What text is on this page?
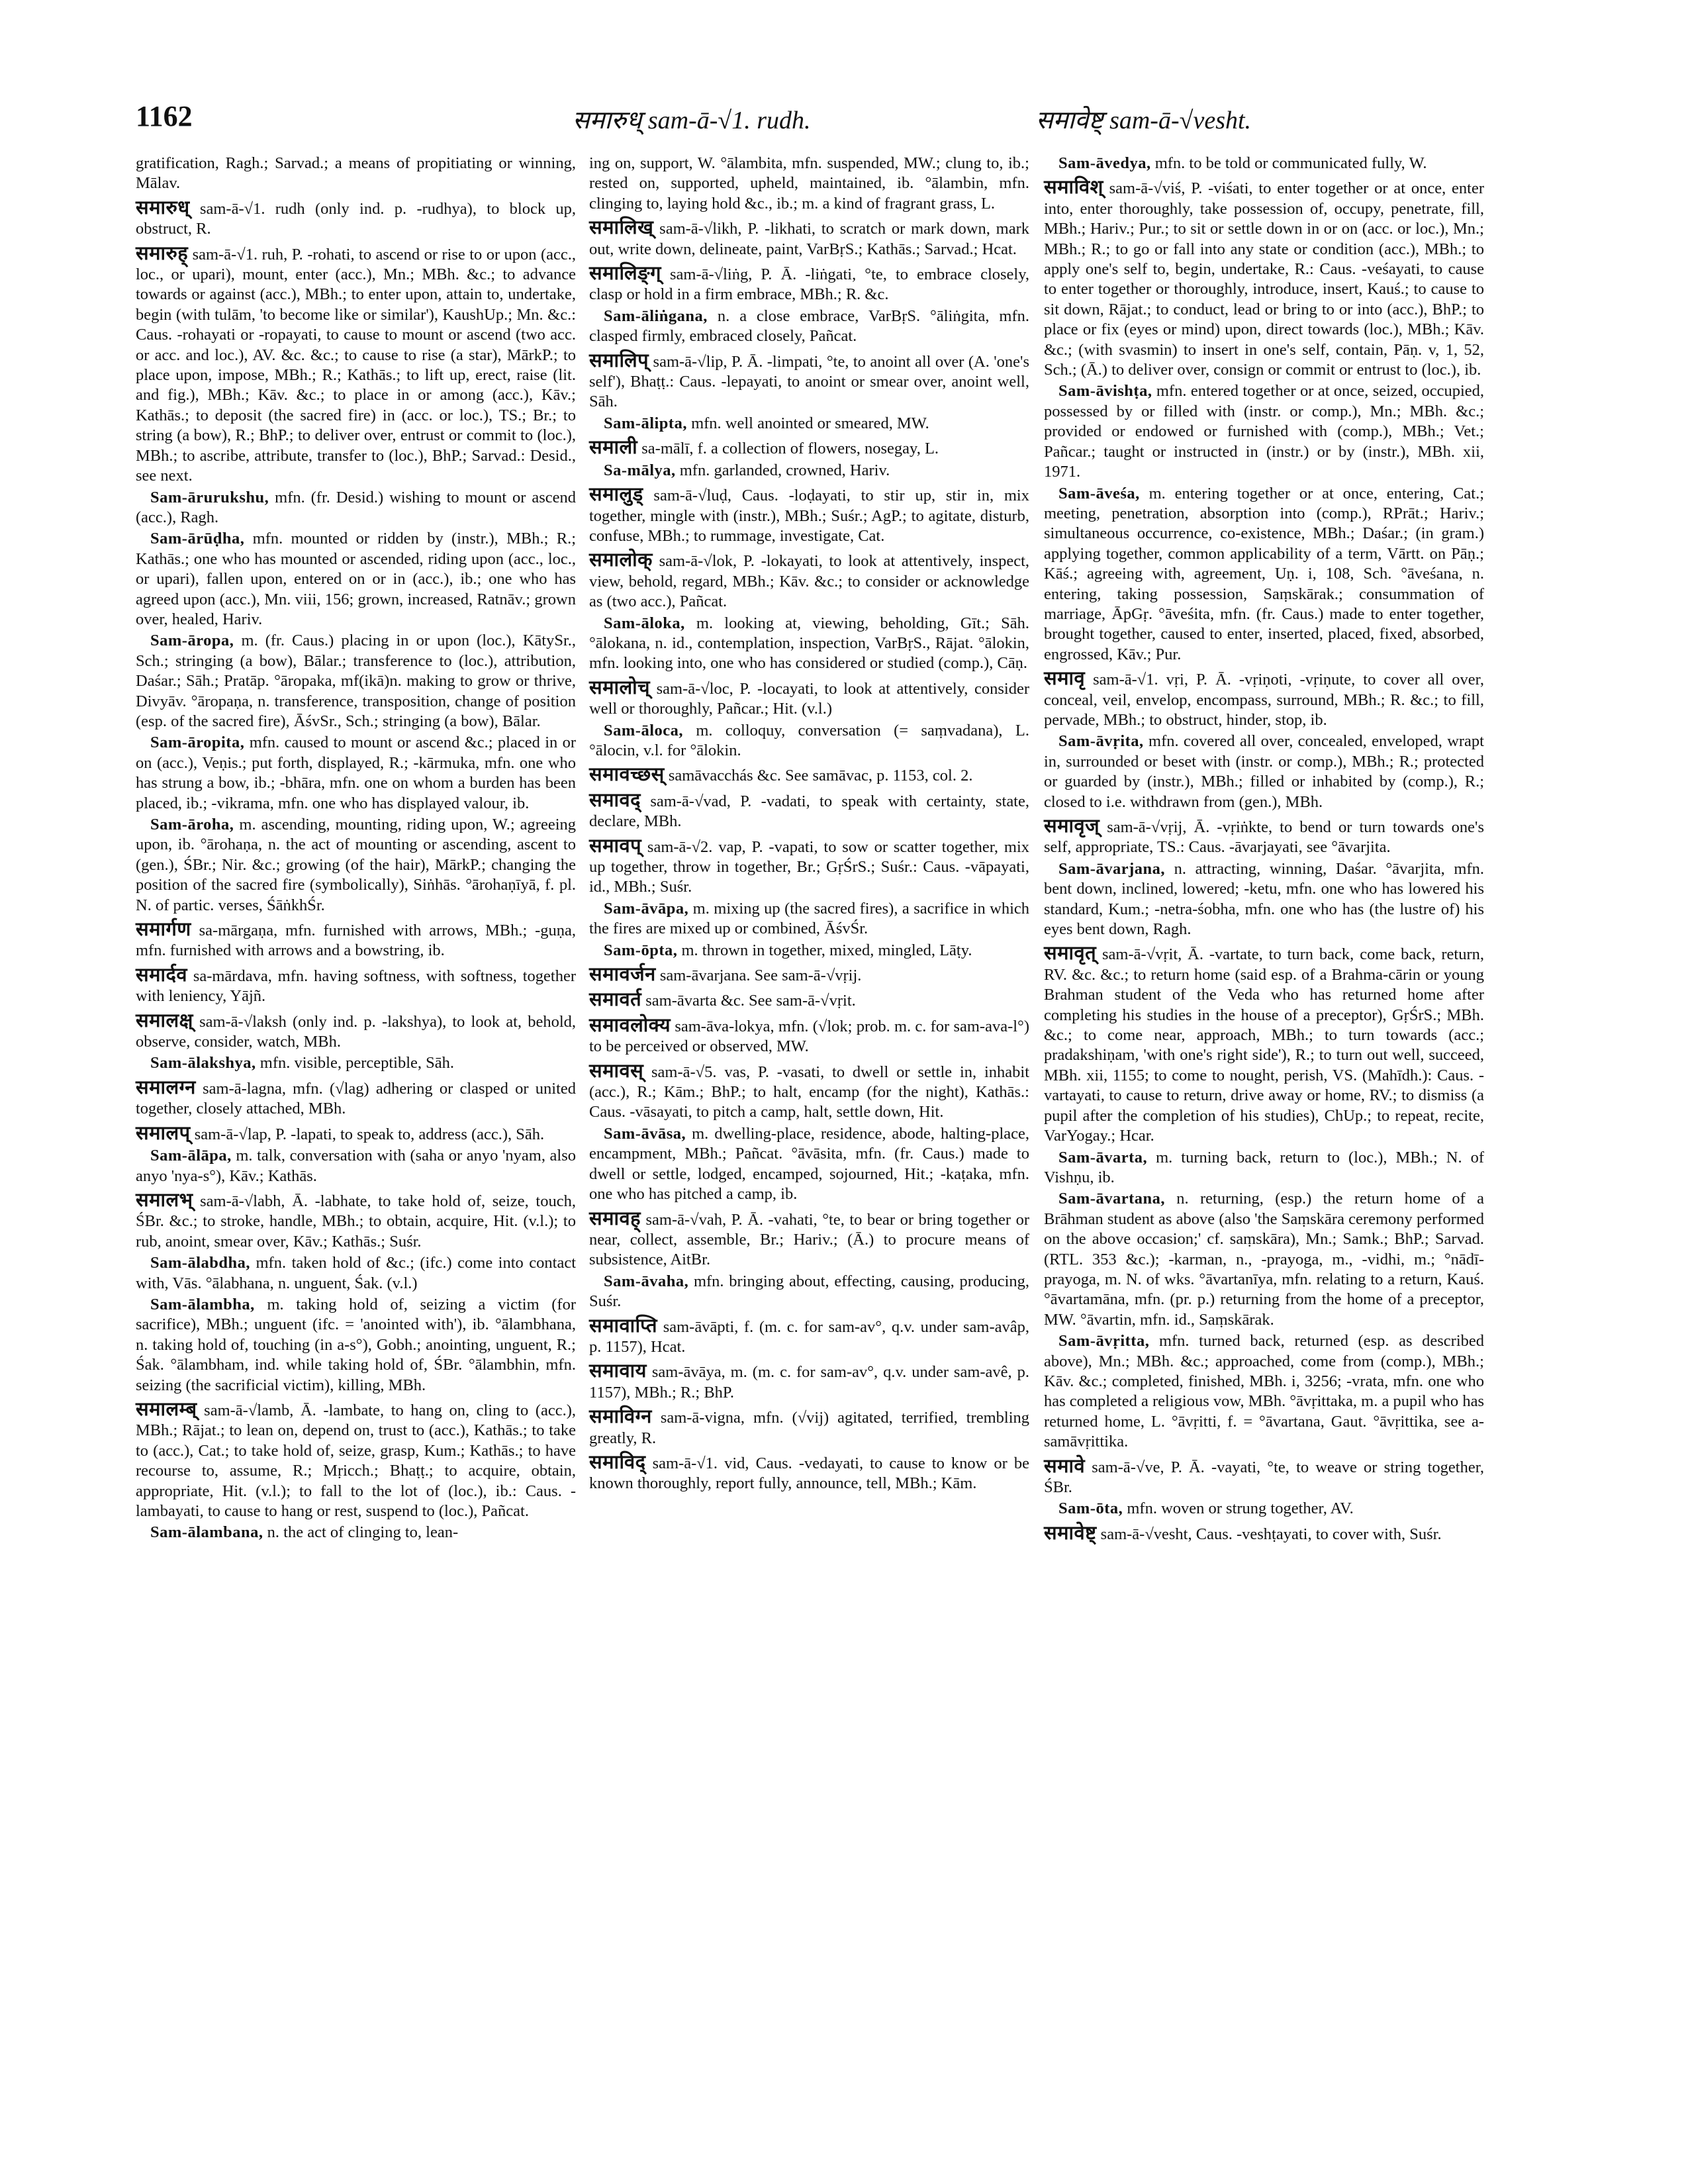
1162	समारुध् sam-ā-√1. rudh.	समावेष्ट् sam-ā-√vesht.
gratification, Ragh.; Sarvad.; a means of propitiating or winning, Mālav.
समारुध् sam-ā-√1. rudh (only ind. p. -rudhya), to block up, obstruct, R.
समारुह् sam-ā-√1. ruh, P. -rohati, to ascend or rise to or upon (acc., loc., or upari), mount, enter (acc.), Mn.; MBh. &c.; to advance towards or against (acc.), MBh.; to enter upon, attain to, undertake, begin (with tulām, 'to become like or similar'), KaushUp.; Mn. &c.: Caus. -rohayati or -ropayati, to cause to mount or ascend (two acc. or acc. and loc.), AV. &c. &c.; to cause to rise (a star), MārkP.; to place upon, impose, MBh.; R.; Kathās.; to lift up, erect, raise (lit. and fig.), MBh.; Kāv. &c.; to place in or among (acc.), Kāv.; Kathās.; to deposit (the sacred fire) in (acc. or loc.), TS.; Br.; to string (a bow), R.; BhP.; to deliver over, entrust or commit to (loc.), MBh.; to ascribe, attribute, transfer to (loc.), BhP.; Sarvad.: Desid., see next.
Sam-ārurukshu, mfn. (fr. Desid.) wishing to mount or ascend (acc.), Ragh.
Sam-ārūḍha, mfn. mounted or ridden by (instr.), MBh.; R.; Kathās.; one who has mounted or ascended, riding upon (acc., loc., or upari), fallen upon, entered on or in (acc.), ib.; one who has agreed upon (acc.), Mn. viii, 156; grown, increased, Ratnāv.; grown over, healed, Hariv.
Sam-āropa, m. (fr. Caus.) placing in or upon (loc.), KātySr., Sch.; stringing (a bow), Bālar.; transference to (loc.), attribution, Daśar.; Sāh.; Pratāp. °āropaka, mf(ikā)n. making to grow or thrive, Divyāv. °āropaṇa, n. transference, transposition, change of position (esp. of the sacred fire), ĀśvSr., Sch.; stringing (a bow), Bālar.
Sam-āropita, mfn. caused to mount or ascend &c.; placed in or on (acc.), Veṇis.; put forth, displayed, R.; -kārmuka, mfn. one who has strung a bow, ib.; -bhāra, mfn. one on whom a burden has been placed, ib.; -vikrama, mfn. one who has displayed valour, ib.
Sam-āroha, m. ascending, mounting, riding upon, W.; agreeing upon, ib. °ārohaṇa, n. the act of mounting or ascending, ascent to (gen.), ŚBr.; Nir. &c.; growing (of the hair), MārkP.; changing the position of the sacred fire (symbolically), Siṅhās. °ārohaṇīyā, f. pl. N. of partic. verses, ŚāṅkhŚr.
समार्गण sa-mārgaṇa, mfn. furnished with arrows, MBh.; -guṇa, mfn. furnished with arrows and a bowstring, ib.
समार्दव sa-mārdava, mfn. having softness, with softness, together with leniency, Yājñ.
समालक्ष् sam-ā-√laksh (only ind. p. -lakshya), to look at, behold, observe, consider, watch, MBh.
Sam-ālakshya, mfn. visible, perceptible, Sāh.
समालग्न sam-ā-lagna, mfn. (√lag) adhering or clasped or united together, closely attached, MBh.
समालप् sam-ā-√lap, P. -lapati, to speak to, address (acc.), Sāh.
Sam-ālāpa, m. talk, conversation with (saha or anyo 'nyam, also anyo 'nya-s°), Kāv.; Kathās.
समालभ् sam-ā-√labh, Ā. -labhate, to take hold of, seize, touch, ŚBr. &c.; to stroke, handle, MBh.; to obtain, acquire, Hit. (v.l.); to rub, anoint, smear over, Kāv.; Kathās.; Suśr.
Sam-ālabdha, mfn. taken hold of &c.; (ifc.) come into contact with, Vās. °ālabhana, n. unguent, Śak. (v.l.)
Sam-ālambha, m. taking hold of, seizing a victim (for sacrifice), MBh.; unguent (ifc. = 'anointed with'), ib. °ālambhana, n. taking hold of, touching (in a-s°), Gobh.; anointing, unguent, R.; Śak. °ālambham, ind. while taking hold of, ŚBr. °ālambhin, mfn. seizing (the sacrificial victim), killing, MBh.
समालम्ब् sam-ā-√lamb, Ā. -lambate, to hang on, cling to (acc.), MBh.; Rājat.; to lean on, depend on, trust to (acc.), Kathās.; to take to (acc.), Cat.; to take hold of, seize, grasp, Kum.; Kathās.; to have recourse to, assume, R.; Mṛicch.; Bhaṭṭ.; to acquire, obtain, appropriate, Hit. (v.l.); to fall to the lot of (loc.), ib.: Caus. -lambayati, to cause to hang or rest, suspend to (loc.), Pañcat.
Sam-ālambana, n. the act of clinging to, lean-
ing on, support, W. °ālambita, mfn. suspended, MW.; clung to, ib.; rested on, supported, upheld, maintained, ib. °ālambin, mfn. clinging to, laying hold &c., ib.; m. a kind of fragrant grass, L.
समालिख् sam-ā-√likh, P. -likhati, to scratch or mark down, mark out, write down, delineate, paint, VarBṛS.; Kathās.; Sarvad.; Hcat.
समालिङ्ग् sam-ā-√liṅg, P. Ā. -liṅgati, °te, to embrace closely, clasp or hold in a firm embrace, MBh.; R. &c.
Sam-āliṅgana, n. a close embrace, VarBṛS. °āliṅgita, mfn. clasped firmly, embraced closely, Pañcat.
समालिप् sam-ā-√lip, P. Ā. -limpati, °te, to anoint all over (A. 'one's self'), Bhaṭṭ.: Caus. -lepayati, to anoint or smear over, anoint well, Sāh.
Sam-ālipta, mfn. well anointed or smeared, MW.
समाली sa-mālī, f. a collection of flowers, nosegay, L.
Sa-mālya, mfn. garlanded, crowned, Hariv.
समालुड् sam-ā-√luḍ, Caus. -loḍayati, to stir up, stir in, mix together, mingle with (instr.), MBh.; Suśr.; AgP.; to agitate, disturb, confuse, MBh.; to rummage, investigate, Cat.
समालोक् sam-ā-√lok, P. -lokayati, to look at attentively, inspect, view, behold, regard, MBh.; Kāv. &c.; to consider or acknowledge as (two acc.), Pañcat.
Sam-āloka, m. looking at, viewing, beholding, Gīt.; Sāh. °ālokana, n. id., contemplation, inspection, VarBṛS., Rājat. °ālokin, mfn. looking into, one who has considered or studied (comp.), Cāṇ.
समालोच् sam-ā-√loc, P. -locayati, to look at attentively, consider well or thoroughly, Pañcar.; Hit. (v.l.)
Sam-āloca, m. colloquy, conversation (= saṃvadana), L. °ālocin, v.l. for °ālokin.
समावच्छस् samāvacchás &c. See samāvac, p. 1153, col. 2.
समावद् sam-ā-√vad, P. -vadati, to speak with certainty, state, declare, MBh.
समावप् sam-ā-√2. vap, P. -vapati, to sow or scatter together, mix up together, throw in together, Br.; GṛŚrS.; Suśr.: Caus. -vāpayati, id., MBh.; Suśr.
Sam-āvāpa, m. mixing up (the sacred fires), a sacrifice in which the fires are mixed up or combined, ĀśvŚr.
Sam-ōpta, m. thrown in together, mixed, mingled, Lāṭy.
समावर्जन sam-āvarjana. See sam-ā-√vṛij.
समावर्त sam-āvarta &c. See sam-ā-√vṛit.
समावलोक्य sam-āva-lokya, mfn. (√lok; prob. m. c. for sam-ava-l°) to be perceived or observed, MW.
समावस् sam-ā-√5. vas, P. -vasati, to dwell or settle in, inhabit (acc.), R.; Kām.; BhP.; to halt, encamp (for the night), Kathās.: Caus. -vāsayati, to pitch a camp, halt, settle down, Hit.
Sam-āvāsa, m. dwelling-place, residence, abode, halting-place, encampment, MBh.; Pañcat. °āvāsita, mfn. (fr. Caus.) made to dwell or settle, lodged, encamped, sojourned, Hit.; -kaṭaka, mfn. one who has pitched a camp, ib.
समावह् sam-ā-√vah, P. Ā. -vahati, °te, to bear or bring together or near, collect, assemble, Br.; Hariv.; (Ā.) to procure means of subsistence, AitBr.
Sam-āvaha, mfn. bringing about, effecting, causing, producing, Suśr.
समावाप्ति sam-āvāpti, f. (m. c. for sam-av°, q.v. under sam-avâp, p. 1157), Hcat.
समावाय sam-āvāya, m. (m. c. for sam-av°, q.v. under sam-avê, p. 1157), MBh.; R.; BhP.
समाविग्न sam-ā-vigna, mfn. (√vij) agitated, terrified, trembling greatly, R.
समाविद् sam-ā-√1. vid, Caus. -vedayati, to cause to know or be known thoroughly, report fully, announce, tell, MBh.; Kām.
Sam-āvedya, mfn. to be told or communicated fully, W.
समाविश् sam-ā-√viś, P. -viśati, to enter together or at once, enter into, enter thoroughly, take possession of, occupy, penetrate, fill, MBh.; Hariv.; Pur.; to sit or settle down in or on (acc. or loc.), Mn.; MBh.; R.; to go or fall into any state or condition (acc.), MBh.; to apply one's self to, begin, undertake, R.: Caus. -veśayati, to cause to enter together or thoroughly, introduce, insert, Kauś.; to cause to sit down, Rājat.; to conduct, lead or bring to or into (acc.), BhP.; to place or fix (eyes or mind) upon, direct towards (loc.), MBh.; Kāv. &c.; (with svasmin) to insert in one's self, contain, Pāṇ. v, 1, 52, Sch.; (Ā.) to deliver over, consign or commit or entrust to (loc.), ib.
Sam-āvishṭa, mfn. entered together or at once, seized, occupied, possessed by or filled with (instr. or comp.), Mn.; MBh. &c.; provided or endowed or furnished with (comp.), MBh.; Vet.; Pañcar.; taught or instructed in (instr.) or by (instr.), MBh. xii, 1971.
Sam-āveśa, m. entering together or at once, entering, Cat.; meeting, penetration, absorption into (comp.), RPrāt.; Hariv.; simultaneous occurrence, co-existence, MBh.; Daśar.; (in gram.) applying together, common applicability of a term, Vārtt. on Pāṇ.; Kāś.; agreeing with, agreement, Uṇ. i, 108, Sch. °āveśana, n. entering, taking possession, Saṃskārak.; consummation of marriage, ĀpGṛ. °āveśita, mfn. (fr. Caus.) made to enter together, brought together, caused to enter, inserted, placed, fixed, absorbed, engrossed, Kāv.; Pur.
समावृ sam-ā-√1. vṛi, P. Ā. -vṛiṇoti, -vṛiṇute, to cover all over, conceal, veil, envelop, encompass, surround, MBh.; R. &c.; to fill, pervade, MBh.; to obstruct, hinder, stop, ib.
Sam-āvṛita, mfn. covered all over, concealed, enveloped, wrapt in, surrounded or beset with (instr. or comp.), MBh.; R.; protected or guarded by (instr.), MBh.; filled or inhabited by (comp.), R.; closed to i.e. withdrawn from (gen.), MBh.
समावृज् sam-ā-√vṛij, Ā. -vṛiṅkte, to bend or turn towards one's self, appropriate, TS.: Caus. -āvarjayati, see °āvarjita.
Sam-āvarjana, n. attracting, winning, Daśar. °āvarjita, mfn. bent down, inclined, lowered; -ketu, mfn. one who has lowered his standard, Kum.; -netra-śobha, mfn. one who has (the lustre of) his eyes bent down, Ragh.
समावृत् sam-ā-√vṛit, Ā. -vartate, to turn back, come back, return, RV. &c. &c.; to return home (said esp. of a Brahma-cārin or young Brahman student of the Veda who has returned home after completing his studies in the house of a preceptor), GṛŚrS.; MBh. &c.; to come near, approach, MBh.; to turn towards (acc.; pradakshiṇam, 'with one's right side'), R.; to turn out well, succeed, MBh. xii, 1155; to come to nought, perish, VS. (Mahīdh.): Caus. -vartayati, to cause to return, drive away or home, RV.; to dismiss (a pupil after the completion of his studies), ChUp.; to repeat, recite, VarYogay.; Hcar.
Sam-āvarta, m. turning back, return to (loc.), MBh.; N. of Vishṇu, ib.
Sam-āvartana, n. returning, (esp.) the return home of a Brāhman student as above (also 'the Saṃskāra ceremony performed on the above occasion;' cf. saṃskāra), Mn.; Samk.; BhP.; Sarvad. (RTL. 353 &c.); -karman, n., -prayoga, m., -vidhi, m.; °nādī-prayoga, m. N. of wks. °āvartanīya, mfn. relating to a return, Kauś. °āvartamāna, mfn. (pr. p.) returning from the home of a preceptor, MW. °āvartin, mfn. id., Saṃskārak.
Sam-āvṛitta, mfn. turned back, returned (esp. as described above), Mn.; MBh. &c.; approached, come from (comp.), MBh.; Kāv. &c.; completed, finished, MBh. i, 3256; -vrata, mfn. one who has completed a religious vow, MBh. °āvṛittaka, m. a pupil who has returned home, L. °āvṛitti, f. = °āvartana, Gaut. °āvṛittika, see a-samāvṛittika.
समावे sam-ā-√ve, P. Ā. -vayati, °te, to weave or string together, ŚBr.
Sam-ōta, mfn. woven or strung together, AV.
समावेष्ट् sam-ā-√vesht, Caus. -veshṭayati, to cover with, Suśr.
